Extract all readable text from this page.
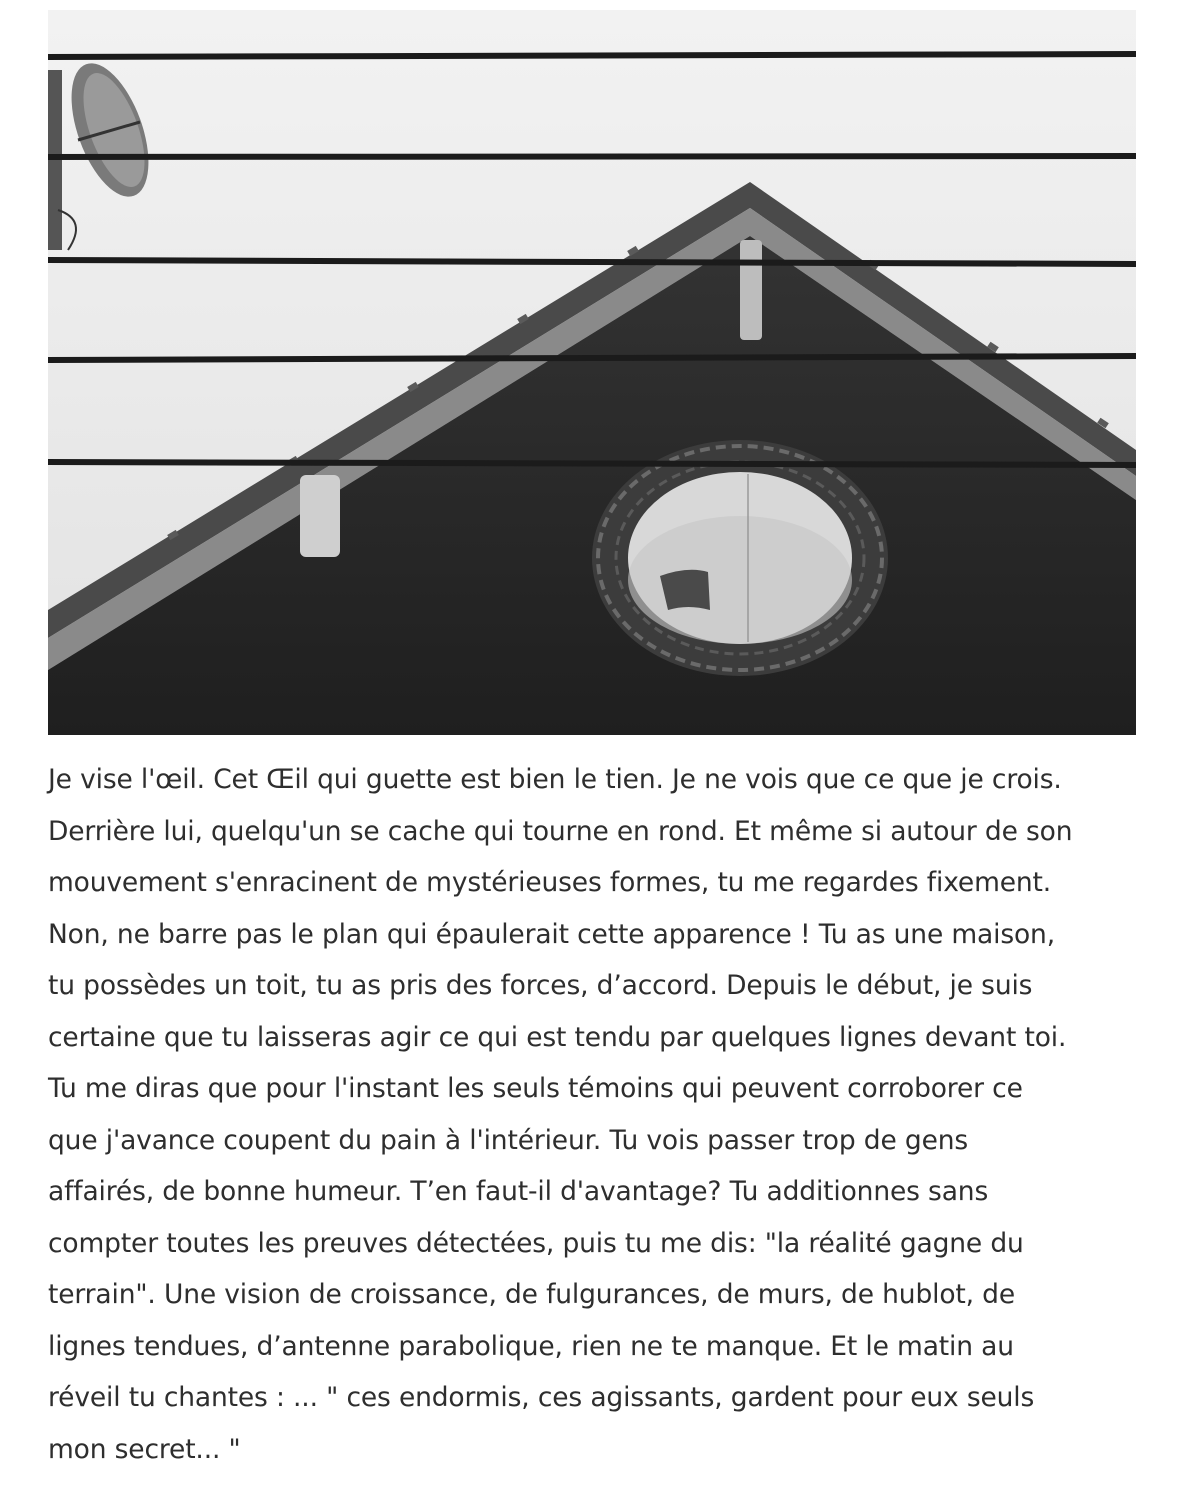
Je vise l'œil. Cet Œil qui guette est bien le tien. Je ne vois que ce que je crois.
Derrière lui, quelqu'un se cache qui tourne en rond. Et même si autour de son
mouvement s'enracinent de mystérieuses formes, tu me regardes fixement.
Non, ne barre pas le plan qui épaulerait cette apparence ! Tu as une maison,
tu possèdes un toit, tu as pris des forces, d’accord. Depuis le début, je suis
certaine que tu laisseras agir ce qui est tendu par quelques lignes devant toi.
Tu me diras que pour l'instant les seuls témoins qui peuvent corroborer ce
que j'avance coupent du pain à l'intérieur. Tu vois passer trop de gens
affairés, de bonne humeur. T’en faut-il d'avantage? Tu additionnes sans
compter toutes les preuves détectées, puis tu me dis: "la réalité gagne du
terrain". Une vision de croissance, de fulgurances, de murs, de hublot, de
lignes tendues, d’antenne parabolique, rien ne te manque. Et le matin au
réveil tu chantes : ... " ces endormis, ces agissants, gardent pour eux seuls
mon secret... "
